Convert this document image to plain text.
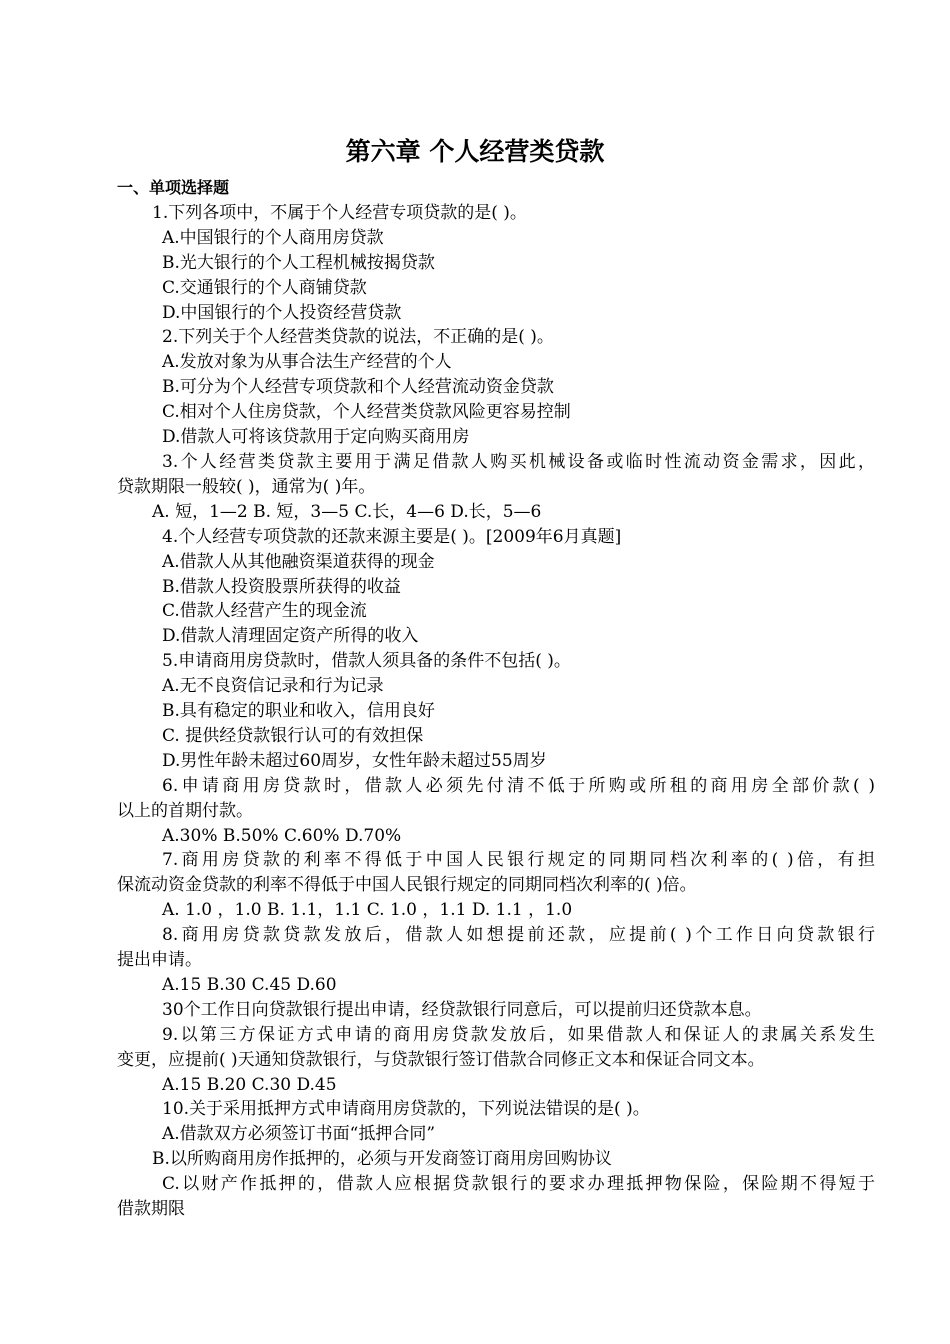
第六章 个人经营类贷款
一、单项选择题
1.下列各项中，不属于个人经营专项贷款的是( )。
A.中国银行的个人商用房贷款
B.光大银行的个人工程机械按揭贷款
C.交通银行的个人商铺贷款
D.中国银行的个人投资经营贷款
2.下列关于个人经营类贷款的说法，不正确的是( )。
A.发放对象为从事合法生产经营的个人
B.可分为个人经营专项贷款和个人经营流动资金贷款
C.相对个人住房贷款，个人经营类贷款风险更容易控制
D.借款人可将该贷款用于定向购买商用房
3.个人经营类贷款主要用于满足借款人购买机械设备或临时性流动资金需求，因此，
贷款期限一般较( )，通常为( )年。
A. 短，1—2 B. 短，3—5 C.长，4—6 D.长，5—6
4.个人经营专项贷款的还款来源主要是( )。[2009年6月真题]
A.借款人从其他融资渠道获得的现金
B.借款人投资股票所获得的收益
C.借款人经营产生的现金流
D.借款人清理固定资产所得的收入
5.申请商用房贷款时，借款人须具备的条件不包括( )。
A.无不良资信记录和行为记录
B.具有稳定的职业和收入，信用良好
C. 提供经贷款银行认可的有效担保
D.男性年龄未超过60周岁，女性年龄未超过55周岁
6.申请商用房贷款时，借款人必须先付清不低于所购或所租的商用房全部价款( )
以上的首期付款。
A.30% B.50% C.60% D.70%
7.商用房贷款的利率不得低于中国人民银行规定的同期同档次利率的( )倍，有担
保流动资金贷款的利率不得低于中国人民银行规定的同期同档次利率的( )倍。
A. 1.0 ，1.0 B. 1.1，1.1 C. 1.0 ，1.1 D. 1.1 ，1.0
8.商用房贷款贷款发放后，借款人如想提前还款，应提前( )个工作日向贷款银行
提出申请。
A.15 B.30 C.45 D.60
30个工作日向贷款银行提出申请，经贷款银行同意后，可以提前归还贷款本息。
9.以第三方保证方式申请的商用房贷款发放后，如果借款人和保证人的隶属关系发生
变更，应提前( )天通知贷款银行，与贷款银行签订借款合同修正文本和保证合同文本。
A.15 B.20 C.30 D.45
10.关于采用抵押方式申请商用房贷款的，下列说法错误的是( )。
A.借款双方必须签订书面“抵押合同”
B.以所购商用房作抵押的，必须与开发商签订商用房回购协议
C.以财产作抵押的，借款人应根据贷款银行的要求办理抵押物保险，保险期不得短于
借款期限
